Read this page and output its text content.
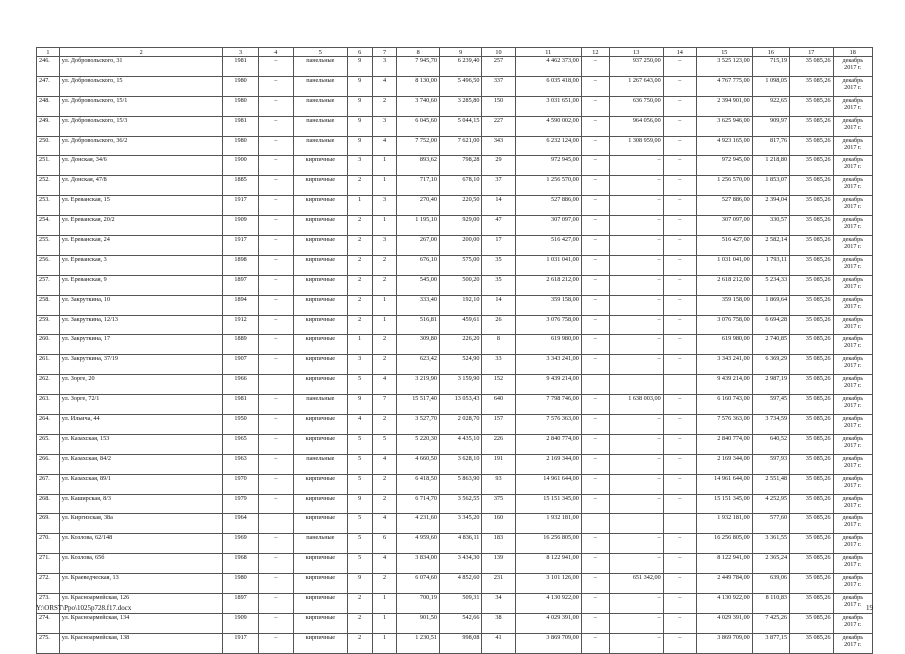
1	2	3	4	5	6	7	8	9	10	11	12	13	14	15	16	17	18
246.	ул. Добровольского, 31	1981	–	панельные	9	3	7 945,70	6 239,40	257	4 462 373,00	–	937 250,00	–	3 525 123,00	715,19	35 085,26	декабрь 2017 г.
247.	ул. Добровольского, 15	1980	–	панельные	9	4	8 130,00	5 496,50	337	6 035 418,00	–	1 267 643,00	–	4 767 775,00	1 098,05	35 085,26	декабрь 2017 г.
248.	ул. Добровольского, 15/1	1980	–	панельные	9	2	3 740,60	3 285,80	150	3 031 651,00	–	636 750,00	–	2 394 901,00	922,65	35 085,26	декабрь 2017 г.
249.	ул. Добровольского, 15/3	1981	–	панельные	9	3	6 045,60	5 044,15	227	4 590 002,00	–	964 056,00	–	3 625 946,00	909,97	35 085,26	декабрь 2017 г.
250.	ул. Добровольского, 36/2	1980	–	панельные	9	4	7 752,00	7 621,00	343	6 232 124,00	–	1 308 959,00	–	4 923 165,00	817,76	35 085,26	декабрь 2017 г.
251.	ул. Донская, 34/6	1900	–	кирпичные	3	1	893,62	798,28	29	972 945,00	–	–	–	972 945,00	1 218,80	35 085,26	декабрь 2017 г.
252.	ул. Донская, 47/8	1885	–	кирпичные	2	1	717,10	678,10	37	1 256 570,00	–	–	–	1 256 570,00	1 853,07	35 085,26	декабрь 2017 г.
253.	ул. Ереванская, 15	1917	–	кирпичные	1	3	270,40	220,50	14	527 886,00	–	–	–	527 886,00	2 394,04	35 085,26	декабрь 2017 г.
254.	ул. Ереванская, 20/2	1909	–	кирпичные	2	1	1 195,10	929,00	47	307 097,00	–	–	–	307 097,00	330,57	35 085,26	декабрь 2017 г.
255.	ул. Ереванская, 24	1917	–	кирпичные	2	3	267,00	200,00	17	516 427,00	–	–	–	516 427,00	2 582,14	35 085,26	декабрь 2017 г.
256.	ул. Ереванская, 3	1898	–	кирпичные	2	2	676,10	575,00	35	1 031 041,00	–	–	–	1 031 041,00	1 793,11	35 085,26	декабрь 2017 г.
257.	ул. Ереванская, 9	1897	–	кирпичные	2	2	545,00	500,20	35	2 618 212,00	–	–	–	2 618 212,00	5 234,33	35 085,26	декабрь 2017 г.
258.	ул. Закруткина, 10	1894	–	кирпичные	2	1	333,40	192,10	14	359 158,00	–	–	–	359 158,00	1 869,64	35 085,26	декабрь 2017 г.
259.	ул. Закруткина, 12/13	1912	–	кирпичные	2	1	516,81	459,61	26	3 076 758,00	–	–	–	3 076 758,00	6 694,28	35 085,26	декабрь 2017 г.
260.	ул. Закруткина, 17	1889	–	кирпичные	1	2	309,80	226,20	8	619 980,00	–	–	–	619 980,00	2 740,85	35 085,26	декабрь 2017 г.
261.	ул. Закруткина, 37/19	1907	–	кирпичные	3	2	623,42	524,90	33	3 343 241,00	–	–	–	3 343 241,00	6 369,29	35 085,26	декабрь 2017 г.
262.	ул. Зорге, 20	1966		кирпичные	5	4	3 219,90	3 159,90	152	9 439 214,00				9 439 214,00	2 987,19	35 085,26	декабрь 2017 г.
263.	ул. Зорге, 72/1	1981	–	панельные	9	7	15 517,40	13 053,43	640	7 798 746,00	–	1 638 003,00	–	6 160 743,00	597,45	35 085,26	декабрь 2017 г.
264.	ул. Ильича, 44	1950	–	кирпичные	4	2	3 527,70	2 028,70	157	7 576 363,00	–	–	–	7 576 363,00	3 734,59	35 085,26	декабрь 2017 г.
265.	ул. Казахская, 153	1965	–	кирпичные	5	5	5 220,30	4 435,10	226	2 840 774,00	–	–	–	2 840 774,00	640,52	35 085,26	декабрь 2017 г.
266.	ул. Казахская, 84/2	1963	–	панельные	5	4	4 660,50	3 628,10	191	2 169 344,00	–	–	–	2 169 344,00	597,93	35 085,26	декабрь 2017 г.
267.	ул. Казахская, 89/1	1970	–	кирпичные	5	2	6 418,50	5 863,90	93	14 961 644,00	–	–	–	14 961 644,00	2 551,48	35 085,26	декабрь 2017 г.
268.	ул. Каширская, 8/3	1979	–	кирпичные	9	2	6 714,70	3 562,55	375	15 151 345,00	–	–	–	15 151 345,00	4 252,95	35 085,26	декабрь 2017 г.
269.	ул. Киргизская, 38а	1964		кирпичные	5	4	4 231,60	3 345,20	160	1 932 181,00				1 932 181,00	577,60	35 085,26	декабрь 2017 г.
270.	ул. Козлова, 62/148	1969	–	панельные	5	6	4 959,60	4 836,11	183	16 256 805,00	–	–	–	16 256 805,00	3 361,55	35 085,26	декабрь 2017 г.
271.	ул. Козлова, 65б	1968	–	кирпичные	5	4	3 834,00	3 434,30	139	8 122 941,00	–	–	–	8 122 941,00	2 365,24	35 085,26	декабрь 2017 г.
272.	ул. Краеведческая, 13	1980	–	кирпичные	9	2	6 074,60	4 852,60	231	3 101 126,00	–	651 342,00	–	2 449 784,00	639,06	35 085,26	декабрь 2017 г.
273.	ул. Красноармейская, 126	1897	–	кирпичные	2	1	700,19	509,31	34	4 130 922,00	–	–	–	4 130 922,00	8 110,83	35 085,26	декабрь 2017 г.
274.	ул. Красноармейская, 134	1909	–	кирпичные	2	1	901,50	542,66	38	4 029 391,00	–	–	–	4 029 391,00	7 425,26	35 085,26	декабрь 2017 г.
275.	ул. Красноармейская, 138	1917	–	кирпичные	2	1	1 230,51	998,08	41	3 869 709,00	–	–	–	3 869 709,00	3 877,15	35 085,26	декабрь 2017 г.
Y:\ORST\Ppo\1025p728.f17.docx	19
